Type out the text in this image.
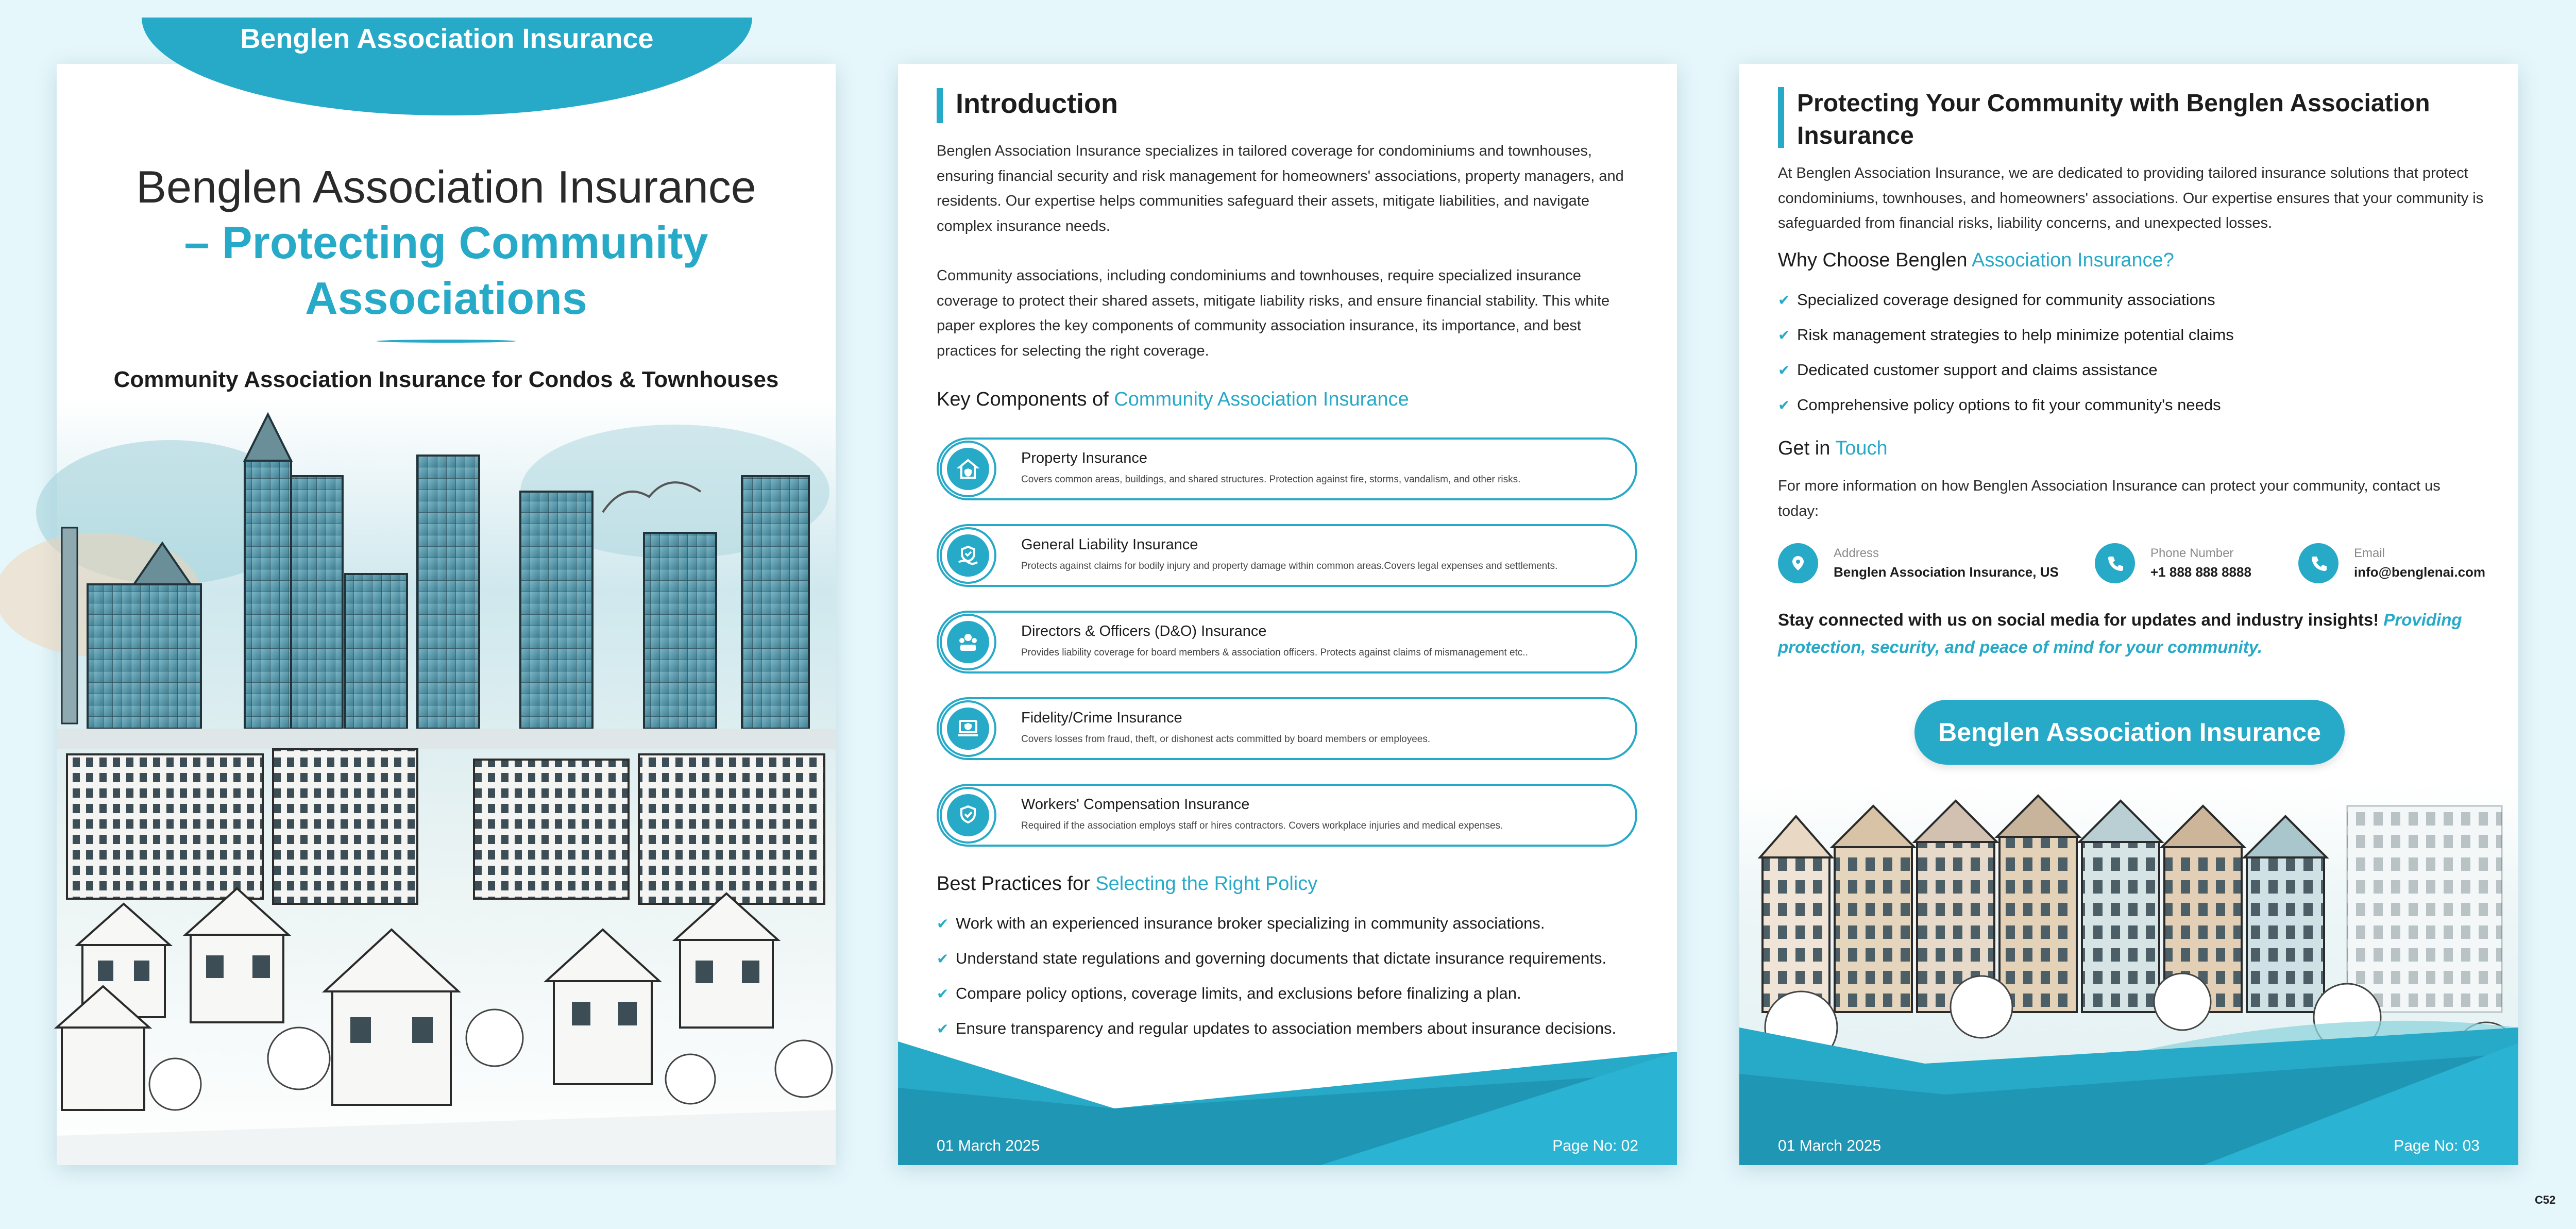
Benglen Association Insurance
Benglen Association Insurance
– Protecting Community Associations
Community Association Insurance for Condos & Townhouses
Introduction

Benglen Association Insurance specializes in tailored coverage for condominiums and townhouses, ensuring financial security and risk management for homeowners' associations, property managers, and residents. Our expertise helps communities safeguard their assets, mitigate liabilities, and navigate complex insurance needs.

Community associations, including condominiums and townhouses, require specialized insurance coverage to protect their shared assets, mitigate liability risks, and ensure financial stability. This white paper explores the key components of community association insurance, its importance, and best practices for selecting the right coverage.

Key Components of Community Association Insurance
Property Insurance
Covers common areas, buildings, and shared structures. Protection against fire, storms, vandalism, and other risks.
General Liability Insurance
Protects against claims for bodily injury and property damage within common areas.Covers legal expenses and settlements.
Directors & Officers (D&O) Insurance
Provides liability coverage for board members & association officers. Protects against claims of mismanagement etc..
Fidelity/Crime Insurance
Covers losses from fraud, theft, or dishonest acts committed by board members or employees.
Workers' Compensation Insurance
Required if the association employs staff or hires contractors. Covers workplace injuries and medical expenses.
Best Practices for Selecting the Right Policy
✔ Work with an experienced insurance broker specializing in community associations.
✔ Understand state regulations and governing documents that dictate insurance requirements.
✔ Compare policy options, coverage limits, and exclusions before finalizing a plan.
✔ Ensure transparency and regular updates to association members about insurance decisions.
01 March 2025	Page No: 02
Protecting Your Community with Benglen Association Insurance

At Benglen Association Insurance, we are dedicated to providing tailored insurance solutions that protect condominiums, townhouses, and homeowners' associations. Our expertise ensures that your community is safeguarded from financial risks, liability concerns, and unexpected losses.

Why Choose Benglen Association Insurance?
✔ Specialized coverage designed for community associations
✔ Risk management strategies to help minimize potential claims
✔ Dedicated customer support and claims assistance
✔ Comprehensive policy options to fit your community's needs
Get in Touch

For more information on how Benglen Association Insurance can protect your community, contact us today:

Address
Benglen Association Insurance, US
Phone Number
+1 888 888 8888
Email
info@benglenai.com

Stay connected with us on social media for updates and industry insights! Providing protection, security, and peace of mind for your community.

Benglen Association Insurance
01 March 2025	Page No: 03
C52
